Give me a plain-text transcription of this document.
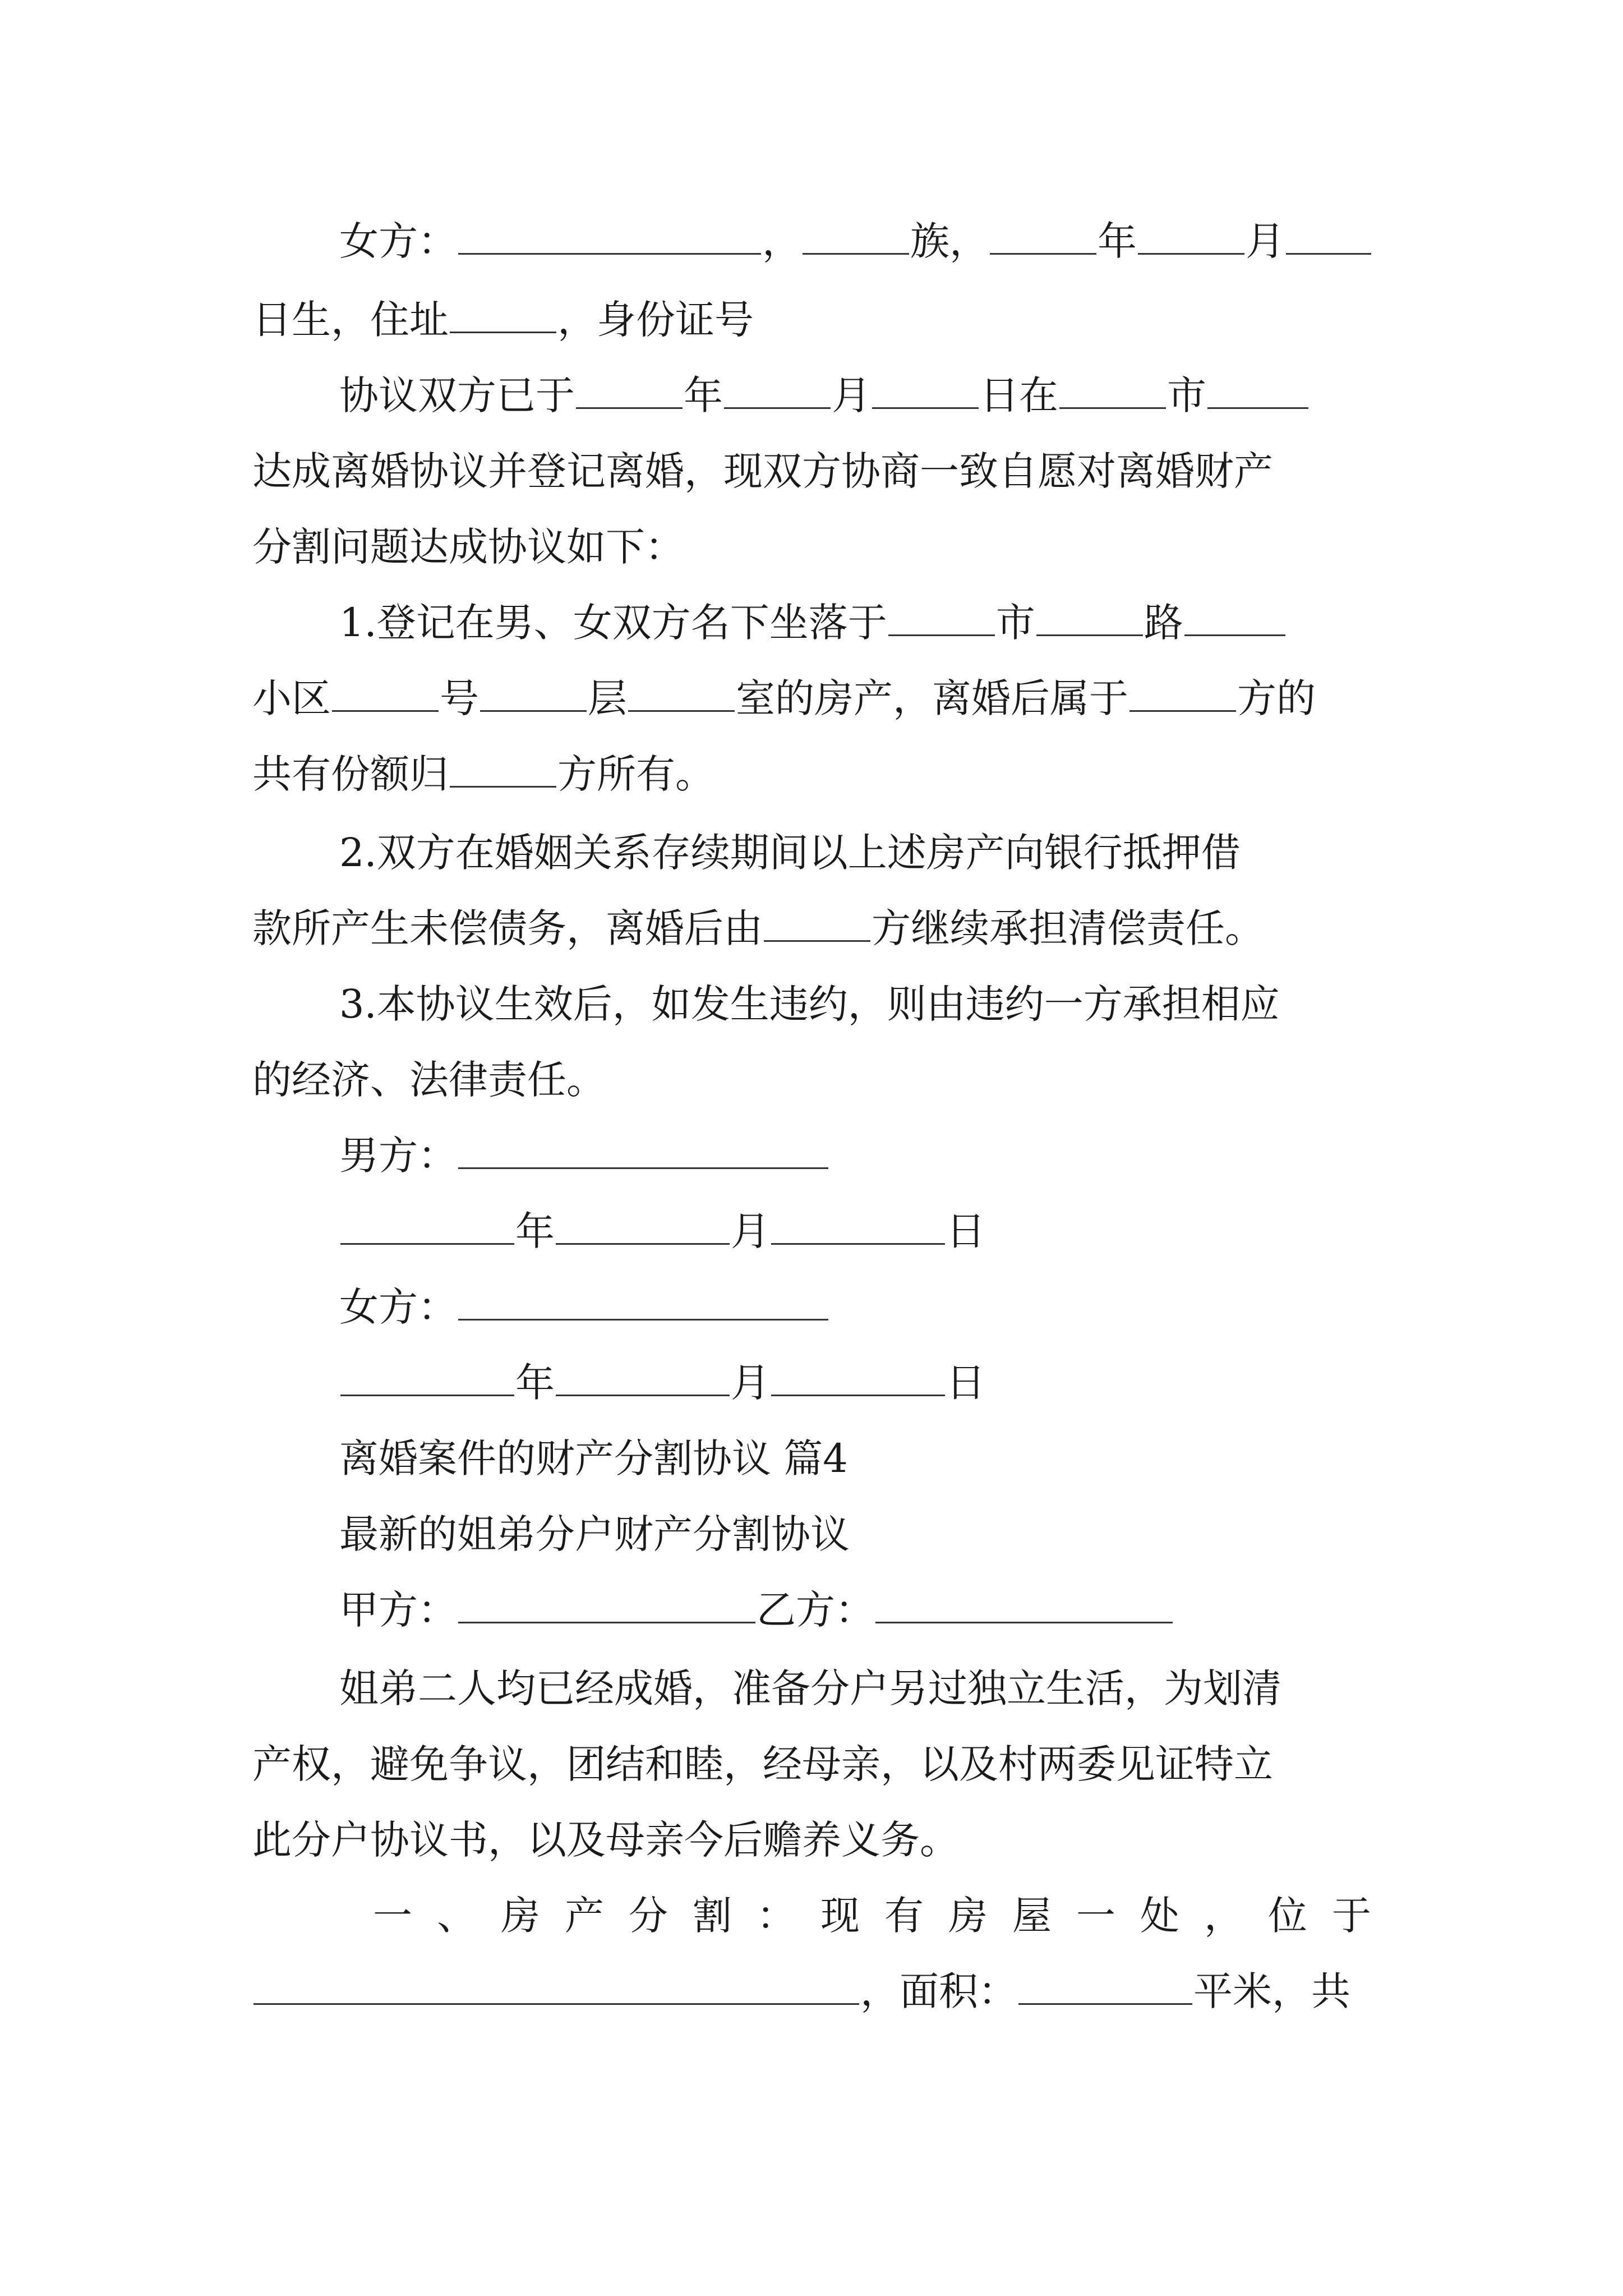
女方：	，	族，	年	月
日生，住址	，身份证号
协议双方已于	年	月	日在	市
达成离婚协议并登记离婚，现双方协商一致自愿对离婚财产
分割问题达成协议如下：
1.登记在男、女双方名下坐落于	市	路
小区	号	层	室的房产，离婚后属于	方的
共有份额归	方所有。
2.双方在婚姻关系存续期间以上述房产向银行抵押借
款所产生未偿债务，离婚后由	方继续承担清偿责任。
3.本协议生效后，如发生违约，则由违约一方承担相应
的经济、法律责任。
男方：
年	月	日
女方：
年	月	日
离婚案件的财产分割协议 篇4
最新的姐弟分户财产分割协议
甲方：	乙方：
姐弟二人均已经成婚，准备分户另过独立生活，为划清
产权，避免争议，团结和睦，经母亲，以及村两委见证特立
此分户协议书，以及母亲今后赡养义务。
一 、 房 产 分 割 ： 现 有 房 屋 一 处 ， 位 于
，面积：	平米，共
